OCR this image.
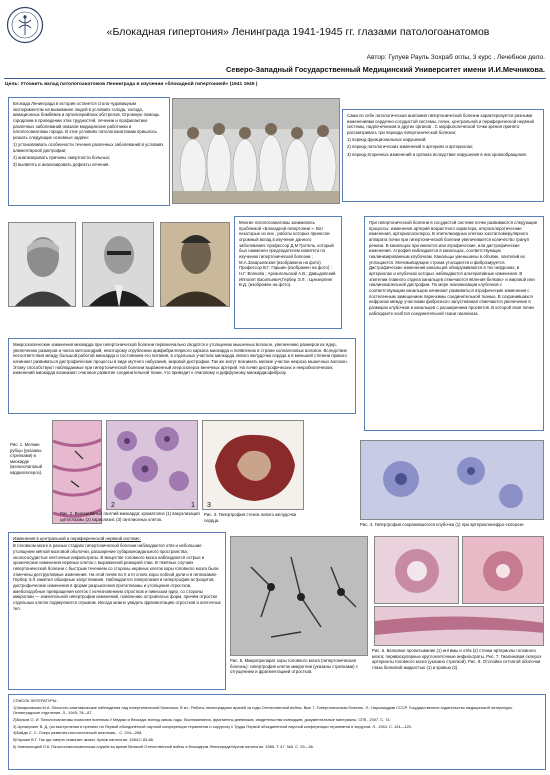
«Блокадная гипертония» Ленинграда 1941-1945 гг. глазами патологоанатомов
Автор: Гулуев Рауль Зохраб оглы, 3 курс , Лечебное дело.
Северо-Западный Государственный Медицинский Университет имени И.И.Мечникова.
Цель: Уточнить вклад патологоанатомов Ленинграда в изучении «блокадной гипертонией» (1941 1945 )

Блокада Ленинграда в истории останется стола чудовищным экспериментом на выживание людей в условиях голода, холода, авиационных бомбёжек и артиллерийских обстрелов. Огромную помощь городским в проведении этих трудностей, лечении и профилактике различных заболеваний оказали медицинские работники и патологоанатомы города. В этих условиях патологоанатомам пришлось решать следующие основные задачи:

1) установливать особенности течения различных заболеваний в условиях алиментарной дистрофии;

2) анализировать причины смертности больных;

3) выявлять и анализировать дефекты лечения.

Сама по себе патологическая анатомия гипертонической болезни характеризуется разными изменениями сердечно-сосудистой системы, почек, центральной и периферической нервной системы, надпочечников и других органов . С морфологической точки зрения принято рассматривать три периода гипертонической болезни:

1) период функциональных нарушений;

2) период патологических изменений в артериях и артериолах;

3) период вторичных изменений в органах вследствие нарушения в них кровообращения.

Многие патологоанатомы занимались проблемой «Блокадной гипертонии ». Вот некоторые из них , работы которых принесли огромный вклад в изучение данного заболевания: профессор Д.М Гротель, который был наименен председателем комитета по изучению гипертонической болезни ; М.А.Захарьевская (изображена на фото) Профессор В.Г. Гаршин (изображен на фото) ; Н.Г. Волкова ; Архангельский А.В.; Давыдовский Ипполит Васильевич;Гербер Э.Л. ; Цинзерлинг В.Д. (изображен на фото).

При гипертонической болезни в сосудистой системе почек развиваются следующие процессы: изменения артерий возрастного характера, атеросклеротические изменения, артериолосклероз. В эпителиоидных клетках юкстагломерулярного аппарата почки при гипертонической болезни увеличивается количество гранул ренина. В канальцах при имеются или атрофические, или дистрофические изменения. Атрофия наблюдается в канальцах, соответствующих гиалинизированным клубочкам. Канальцы уменьшены в объёме, эпителий их уплощается. Мочевыводящие строма утолщается и фиброзируется. Дистрофические изменения канальцев обнаруживаются в тех нефронах, в артериолах и клубочках которых наблюдаются альтеративные изменения. В эпителии главного отдела канальцев отмечаются явления белково- и жировой или гиалинокапельной дистрофии. По мере гиалинизации клубочков с соответствующим канальцем начинают развиваться атрофические изменения с постепенным замещением паренхимы соединительной тканью. В сохранившихся нефронах между участками фиброзного запустевания отмечаются увеличение в размерах клубочков и канальцев с расширением просветов. В которой своё почки наблюдаете ксибтоя соединительной ткани гиалиноза.

Микроскопические изменения миокарда при гипертонической болезни первоначально сводятся к утолщению мышечных волокон, увеличению размеров их ядер, увеличению размеров и числа митохондрий, некоторому огрублению арифибриллярного каркаса миокарда и появлению в строме коллагеновых волокон. Вследствие несоответствия между большой работой миокарда и состоянием его питания, в отдельных участках миокарда левого желудочка сердца и в меньшей степени правого начинают развиваться дистрофические процессы в виде мутного набухания, жировой дистрофии. Так же могут возникать мелкие участки некроза мышечных волокон. Этому способствуют наблюдаемые при гипертонической болезни выраженный атеросклероз венечных артерий. На почве дистрофических и некробиотических изменений миокарда возникают очаговое развитие соединительной ткани, что приводит к очаговому и диффузному миокардиофиброзу.

Рис. 1. Мелкие рубцы (указаны стрелками) в миокарде (мелкоочаговый кардиосклероз).
2	1 3
Рис. 2. Вегетативный ганглий миокарда: хроматолиз (1) вакуолизация цитоплазмы (2) кариолизис (3) ганглиозных клеток.
Рис. 3. Гипертрофия стенок левого желудочка сердца.
Рис. 4. Гипертрофия сохранившегося клубочка (1) при артериолонефро-склерозе

Изменения в центральной и периферической нервной системе:

В головном мозге в разных стадиях гипертонической болезни наблюдаются отёк и небольшие утолщение мягкой мозговой оболочки, расширение субарахноидального пространства, околососудистые клеточные инфильтраты. В веществе головного мозга наблюдаются острые и хронические изменения нервных клеток с выраженной реакцией глии. В тяжёлых случаях гипертонической болезни с быстрым течением со стороны нервных клеток коры головного мозга были отмечены деструктивные изменения. На этой почве во II и III слоях коры лобной доли и в гиппокампе Гербер Э.Л заметил обширные запустевания. Наблюдается гиперплазия и гипертрофия астроцитов, дистрофические изменения в форме разрыхления протоплазмы и утолщения отростков, амебоподобные превращения клеток с исчезновением отростков и пикнозом ядер, со стороны микроглии — значительной гипертрофии изменений, появлению островчатых форм, причём отростки отдельных клеток подвергаются отрывом. Иногда можно увидеть фрагментацию отростков и клеточных тел.

Рис. 5. Микропрепарат коры головного мозга (гипертоническая болезнь): гипертрофия клеток микроглии (указаны стрелками) с отгущением и фрагментацией отростков.
Рис. 6. Белковое пропитывание (1) интимы и отёк (2) стенки артериолы головного мозга; периваскулярные круглоклеточные инфильтраты. Рис. 7. Гиалиновая склероз артериолы головного мозга (указано стрелкой). Рис. 8. Отслойка сетчатой оболочки глаза белковой жидкостью (1) и кровью (2).

СПИСОК ЛИТЕРАТУРЫ:

1)Захарьевская М.А. Патолого-анатомические наблюдения над гипертонической болезнью. В кн.: Работы ленинградских врачей за годы Отечественной войны. Вып 7: Гипертоническая болезнь. Л.: Наркомздрав СССР. Государственное издательство медицинской литературы. Ленинградское отделение. Л., 1945; 78—87.

2)Волков О. И. Патологоанатомы помогают военным // Медики и блокада: взгляд сквозь годы. Воспоминания, фрагменты дневников, свидетельства очевидцев, документальные материалы. СПб., 2007. С. 74.

3) Цинзерлинг В. Д. (из выступления в прениях на Первой объединённой научной конференции терапевтов и хирургов) // Труды Первой объединённой научной конференции терапевтов и хирургов. Л., 1944. С. 124—125.

4)Байда С. С. Очерк развития патологической анатомии... С. 204—268.

5)Гаршин В.Г. Так где смерть помогает жизни. Архив патологии. 1984;С.83-88.

6) Хмельницкий О.К. Патологоанатомическая служба во время Великой Отечественной войны в блокадном Ленинграде//Архив патологии. 1985. Т. 47. №5. С. 29—36.
